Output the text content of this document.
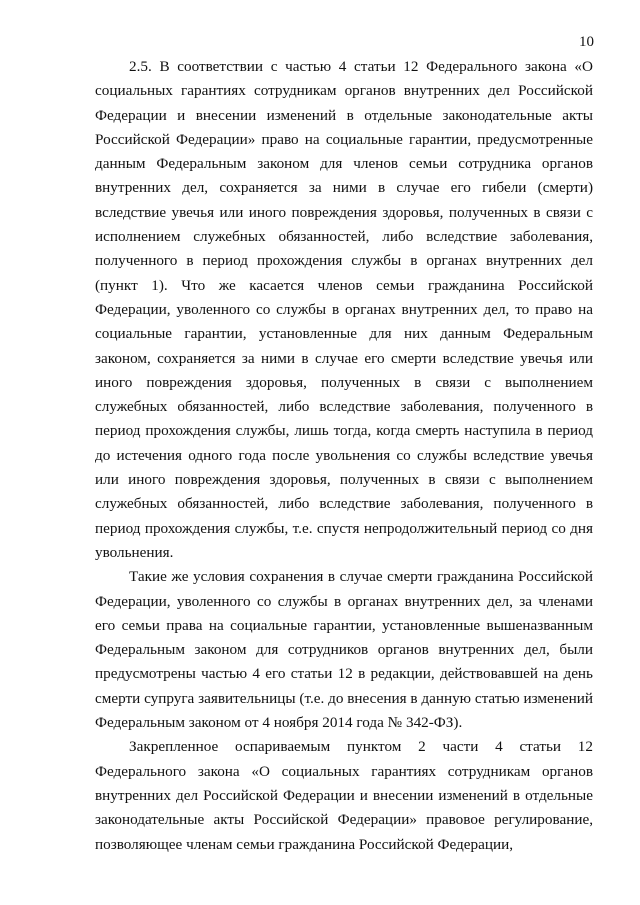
10

2.5. В соответствии с частью 4 статьи 12 Федерального закона «О социальных гарантиях сотрудникам органов внутренних дел Российской Федерации и внесении изменений в отдельные законодательные акты Российской Федерации» право на социальные гарантии, предусмотренные данным Федеральным законом для членов семьи сотрудника органов внутренних дел, сохраняется за ними в случае его гибели (смерти) вследствие увечья или иного повреждения здоровья, полученных в связи с исполнением служебных обязанностей, либо вследствие заболевания, полученного в период прохождения службы в органах внутренних дел (пункт 1). Что же касается членов семьи гражданина Российской Федерации, уволенного со службы в органах внутренних дел, то право на социальные гарантии, установленные для них данным Федеральным законом, сохраняется за ними в случае его смерти вследствие увечья или иного повреждения здоровья, полученных в связи с выполнением служебных обязанностей, либо вследствие заболевания, полученного в период прохождения службы, лишь тогда, когда смерть наступила в период до истечения одного года после увольнения со службы вследствие увечья или иного повреждения здоровья, полученных в связи с выполнением служебных обязанностей, либо вследствие заболевания, полученного в период прохождения службы, т.е. спустя непродолжительный период со дня увольнения.

Такие же условия сохранения в случае смерти гражданина Российской Федерации, уволенного со службы в органах внутренних дел, за членами его семьи права на социальные гарантии, установленные вышеназванным Федеральным законом для сотрудников органов внутренних дел, были предусмотрены частью 4 его статьи 12 в редакции, действовавшей на день смерти супруга заявительницы (т.е. до внесения в данную статью изменений Федеральным законом от 4 ноября 2014 года № 342-ФЗ).

Закрепленное оспариваемым пунктом 2 части 4 статьи 12 Федерального закона «О социальных гарантиях сотрудникам органов внутренних дел Российской Федерации и внесении изменений в отдельные законодательные акты Российской Федерации» правовое регулирование, позволяющее членам семьи гражданина Российской Федерации,
